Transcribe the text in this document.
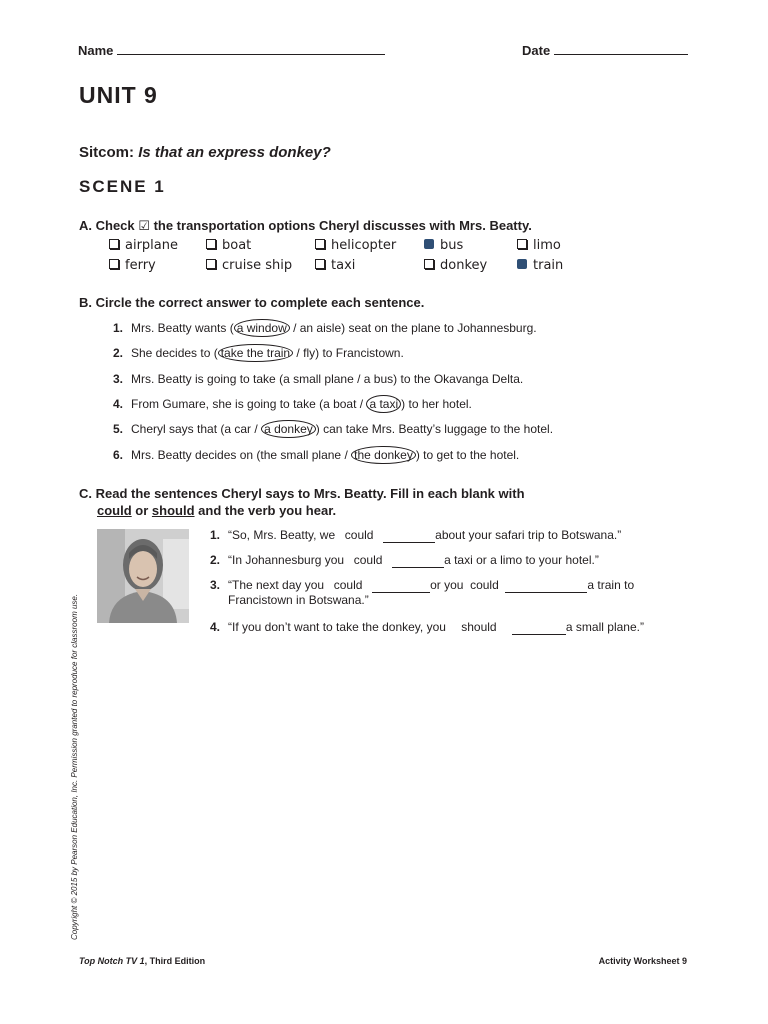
Name	Date
UNIT 9
Sitcom: Is that an express donkey?
SCENE 1
A. Check ☑ the transportation options Cheryl discusses with Mrs. Beatty.
airplane	boat	helicopter	bus	limo
ferry	cruise ship	taxi	donkey	train
B. Circle the correct answer to complete each sentence.
1. Mrs. Beatty wants ( a window / an aisle) seat on the plane to Johannesburg.
2. She decides to ( take the train / fly) to Francistown.
3. Mrs. Beatty is going to take (a small plane / a bus) to the Okavanga Delta.
4. From Gumare, she is going to take (a boat / a taxi ) to her hotel.
5. Cheryl says that (a car / a donkey ) can take Mrs. Beatty’s luggage to the hotel.
6. Mrs. Beatty decides on (the small plane / the donkey ) to get to the hotel.
C. Read the sentences Cheryl says to Mrs. Beatty. Fill in each blank with
could or should and the verb you hear.
1. “So, Mrs. Beatty, we could	about your safari trip to Botswana.”
2. “In Johannesburg you could	a taxi or a limo to your hotel.”
3. “The next day you could	or you could	a train to
Francistown in Botswana.”
4. “If you don’t want to take the donkey, you should	a small plane.”
Copyright © 2015 by Pearson Education, Inc. Permission granted to reproduce for classroom use.
Top Notch TV 1, Third Edition	Activity Worksheet 9
